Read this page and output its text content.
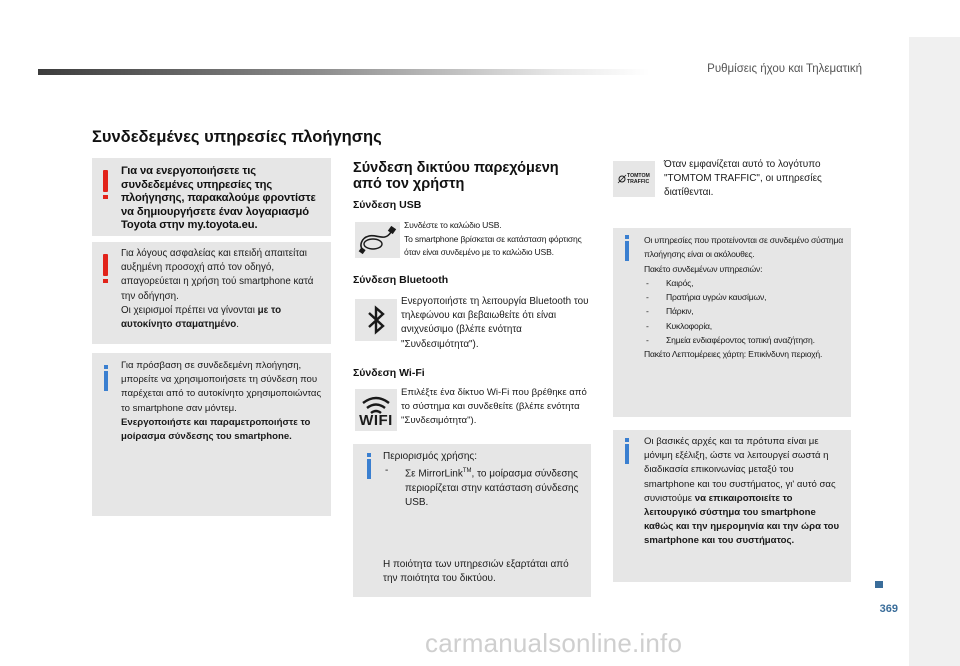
Ρυθμίσεις ήχου και Τηλεματική
369
Συνδεδεμένες υπηρεσίες πλοήγησης
Για να ενεργοποιήσετε τις συνδεδεμένες υπηρεσίες της πλοήγησης, παρακαλούμε φροντίστε να δημιουργήσετε έναν λογαριασμό Toyota στην my.toyota.eu.
Για λόγους ασφαλείας και επειδή απαιτείται αυξημένη προσοχή από τον οδηγό, απαγορεύεται η χρήση τού smartphone κατά την οδήγηση.
Οι χειρισμοί πρέπει να γίνονται με το αυτοκίνητο σταματημένο.
Για πρόσβαση σε συνδεδεμένη πλοήγηση, μπορείτε να χρησιμοποιήσετε τη σύνδεση που παρέχεται από το αυτοκίνητο χρησιμοποιώντας το smartphone σαν μόντεμ.
Ενεργοποιήστε και παραμετροποιήστε το μοίρασμα σύνδεσης του smartphone.
Σύνδεση δικτύου παρεχόμενη από τον χρήστη
Σύνδεση USB
Συνδέστε το καλώδιο USB.
Το smartphone βρίσκεται σε κατάσταση φόρτισης όταν είναι συνδεμένο με το καλώδιο USB.
Σύνδεση Bluetooth
Ενεργοποιήστε τη λειτουργία Bluetooth του τηλεφώνου και βεβαιωθείτε ότι είναι ανιχνεύσιμο (βλέπε ενότητα "Συνδεσιμότητα").
Σύνδεση Wi-Fi
WIFI
Επιλέξτε ένα δίκτυο Wi-Fi που βρέθηκε από το σύστημα και συνδεθείτε (βλέπε ενότητα "Συνδεσιμότητα").
Περιορισμός χρήσης:
- Σε MirrorLink™, το μοίρασμα σύνδεσης περιορίζεται στην κατάσταση σύνδεσης USB.
Η ποιότητα των υπηρεσιών εξαρτάται από την ποιότητα του δικτύου.
TOMTOM
TRAFFIC
Όταν εμφανίζεται αυτό το λογότυπο "TOMTOM TRAFFIC", οι υπηρεσίες διατίθενται.
Οι υπηρεσίες που προτείνονται σε συνδεμένο σύστημα πλοήγησης είναι οι ακόλουθες.
Πακέτο συνδεμένων υπηρεσιών:
- Καιρός,
- Πρατήρια υγρών καυσίμων,
- Πάρκιν,
- Κυκλοφορία,
- Σημεία ενδιαφέροντος τοπική αναζήτηση.
Πακέτο Λεπτομέρειες χάρτη: Επικίνδυνη περιοχή.
Οι βασικές αρχές και τα πρότυπα είναι με μόνιμη εξέλιξη, ώστε να λειτουργεί σωστά η διαδικασία επικοινωνίας μεταξύ του smartphone και του συστήματος, γι' αυτό σας συνιστούμε να επικαιροποιείτε το λειτουργικό σύστημα του smartphone καθώς και την ημερομηνία και την ώρα του smartphone και του συστήματος.
carmanualsonline.info
